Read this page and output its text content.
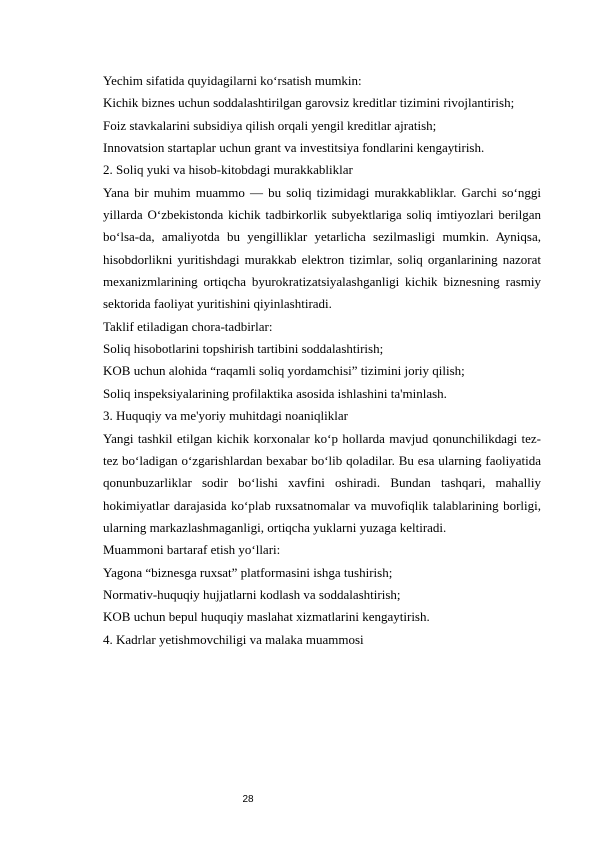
Yechim sifatida quyidagilarni ko‘rsatish mumkin:

Kichik biznes uchun soddalashtirilgan garovsiz kreditlar tizimini rivojlantirish;

Foiz stavkalarini subsidiya qilish orqali yengil kreditlar ajratish;

Innovatsion startaplar uchun grant va investitsiya fondlarini kengaytirish.

2. Soliq yuki va hisob-kitobdagi murakkabliklar

Yana bir muhim muammo — bu soliq tizimidagi murakkabliklar. Garchi so‘nggi yillarda O‘zbekistonda kichik tadbirkorlik subyektlariga soliq imtiyozlari berilgan bo‘lsa-da, amaliyotda bu yengilliklar yetarlicha sezilmasligi mumkin. Ayniqsa, hisobdorlikni yuritishdagi murakkab elektron tizimlar, soliq organlarining nazorat mexanizmlarining ortiqcha byurokratizatsiyalashganligi kichik biznesning rasmiy sektorida faoliyat yuritishini qiyinlashtiradi.

Taklif etiladigan chora-tadbirlar:

Soliq hisobotlarini topshirish tartibini soddalashtirish;

KOB uchun alohida “raqamli soliq yordamchisi” tizimini joriy qilish;

Soliq inspeksiyalarining profilaktika asosida ishlashini ta'minlash.

3. Huquqiy va me'yoriy muhitdagi noaniqliklar

Yangi tashkil etilgan kichik korxonalar ko‘p hollarda mavjud qonunchilikdagi tez-tez bo‘ladigan o‘zgarishlardan bexabar bo‘lib qoladilar. Bu esa ularning faoliyatida qonunbuzarliklar sodir bo‘lishi xavfini oshiradi. Bundan tashqari, mahalliy hokimiyatlar darajasida ko‘plab ruxsatnomalar va muvofiqlik talablarining borligi, ularning markazlashmaganligi, ortiqcha yuklarni yuzaga keltiradi.

Muammoni bartaraf etish yo‘llari:

Yagona “biznesga ruxsat” platformasini ishga tushirish;

Normativ-huquqiy hujjatlarni kodlash va soddalashtirish;

KOB uchun bepul huquqiy maslahat xizmatlarini kengaytirish.

4. Kadrlar yetishmovchiligi va malaka muammosi

28
